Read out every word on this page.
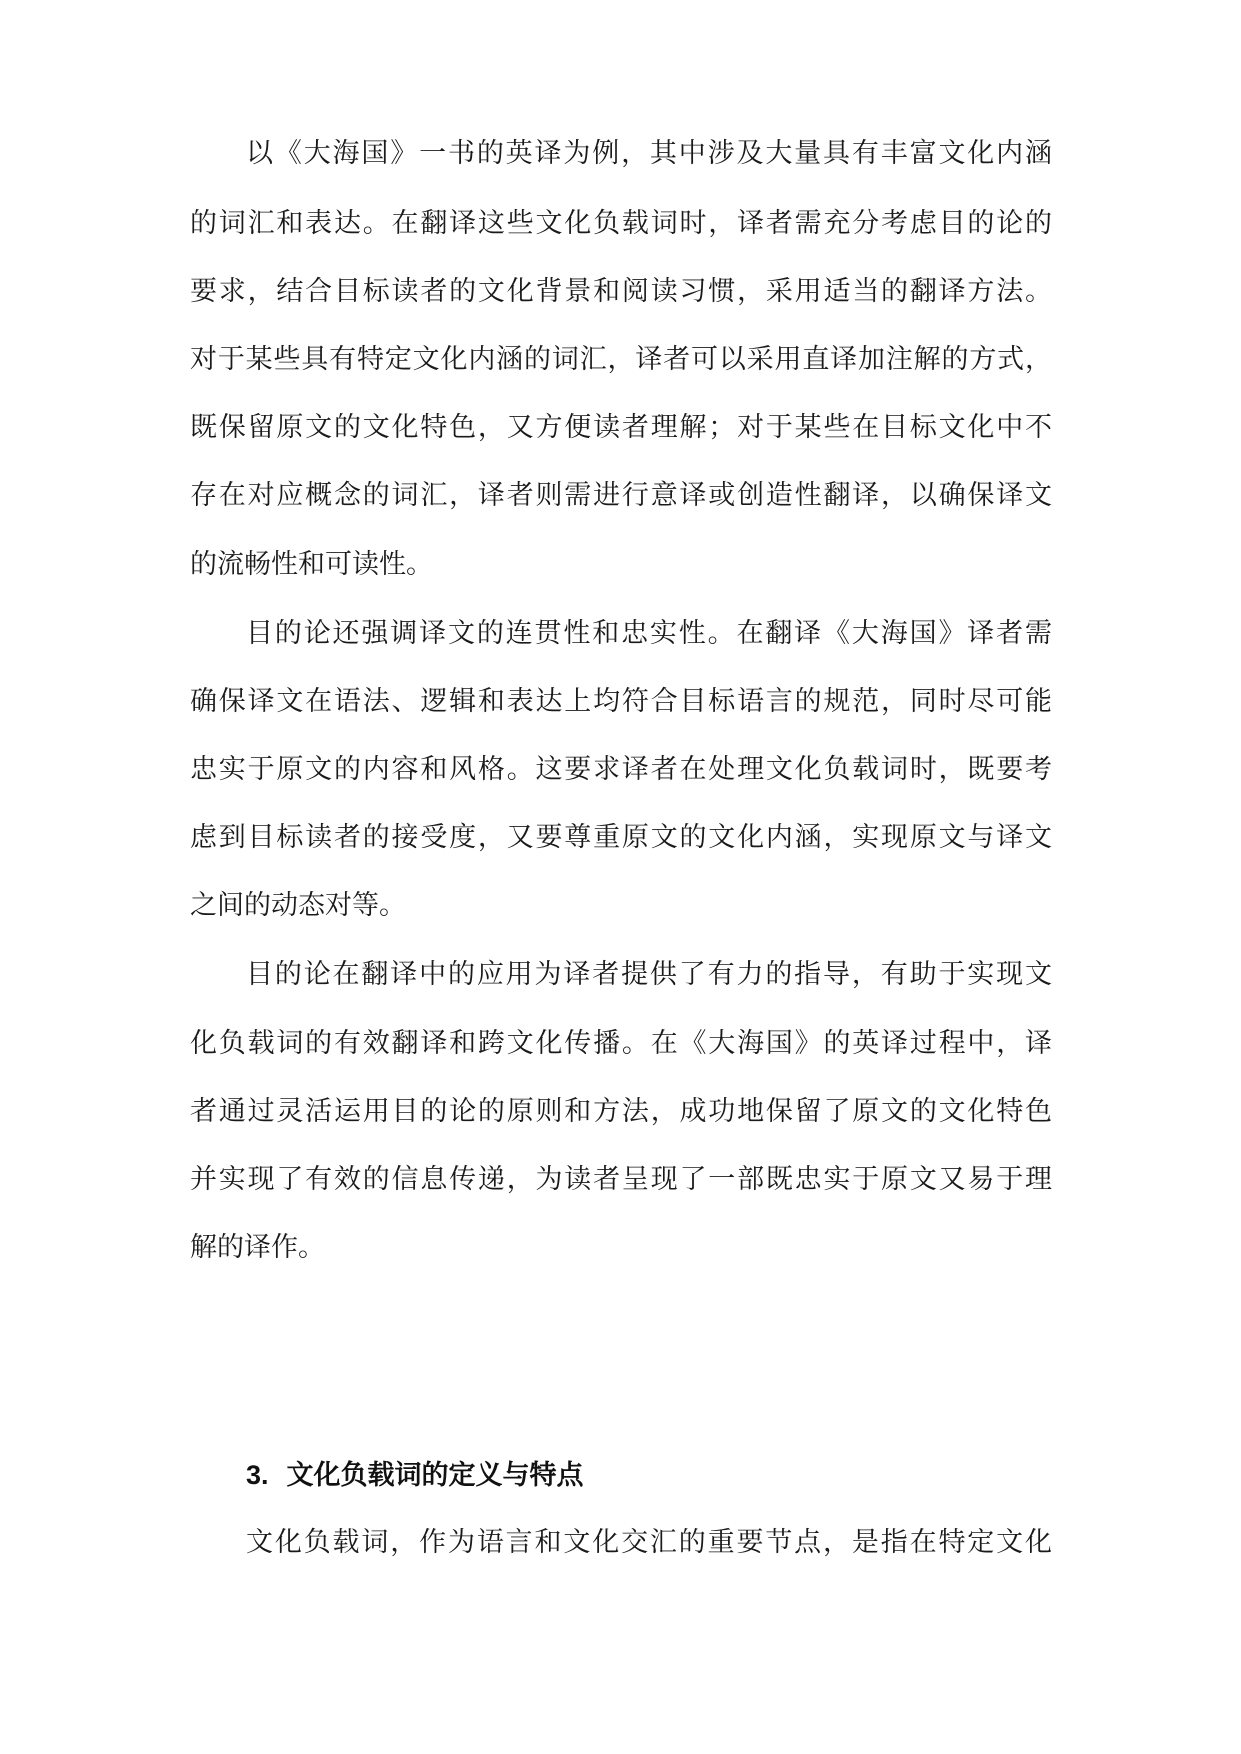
以《大海国》一书的英译为例，其中涉及大量具有丰富文化内涵
的词汇和表达。在翻译这些文化负载词时，译者需充分考虑目的论的
要求，结合目标读者的文化背景和阅读习惯，采用适当的翻译方法。
对于某些具有特定文化内涵的词汇，译者可以采用直译加注解的方式，
既保留原文的文化特色，又方便读者理解；对于某些在目标文化中不
存在对应概念的词汇，译者则需进行意译或创造性翻译，以确保译文
的流畅性和可读性。
目的论还强调译文的连贯性和忠实性。在翻译《大海国》译者需
确保译文在语法、逻辑和表达上均符合目标语言的规范，同时尽可能
忠实于原文的内容和风格。这要求译者在处理文化负载词时，既要考
虑到目标读者的接受度，又要尊重原文的文化内涵，实现原文与译文
之间的动态对等。
目的论在翻译中的应用为译者提供了有力的指导，有助于实现文
化负载词的有效翻译和跨文化传播。在《大海国》的英译过程中，译
者通过灵活运用目的论的原则和方法，成功地保留了原文的文化特色
并实现了有效的信息传递，为读者呈现了一部既忠实于原文又易于理
解的译作。
3. 文化负载词的定义与特点
文化负载词，作为语言和文化交汇的重要节点，是指在特定文化
